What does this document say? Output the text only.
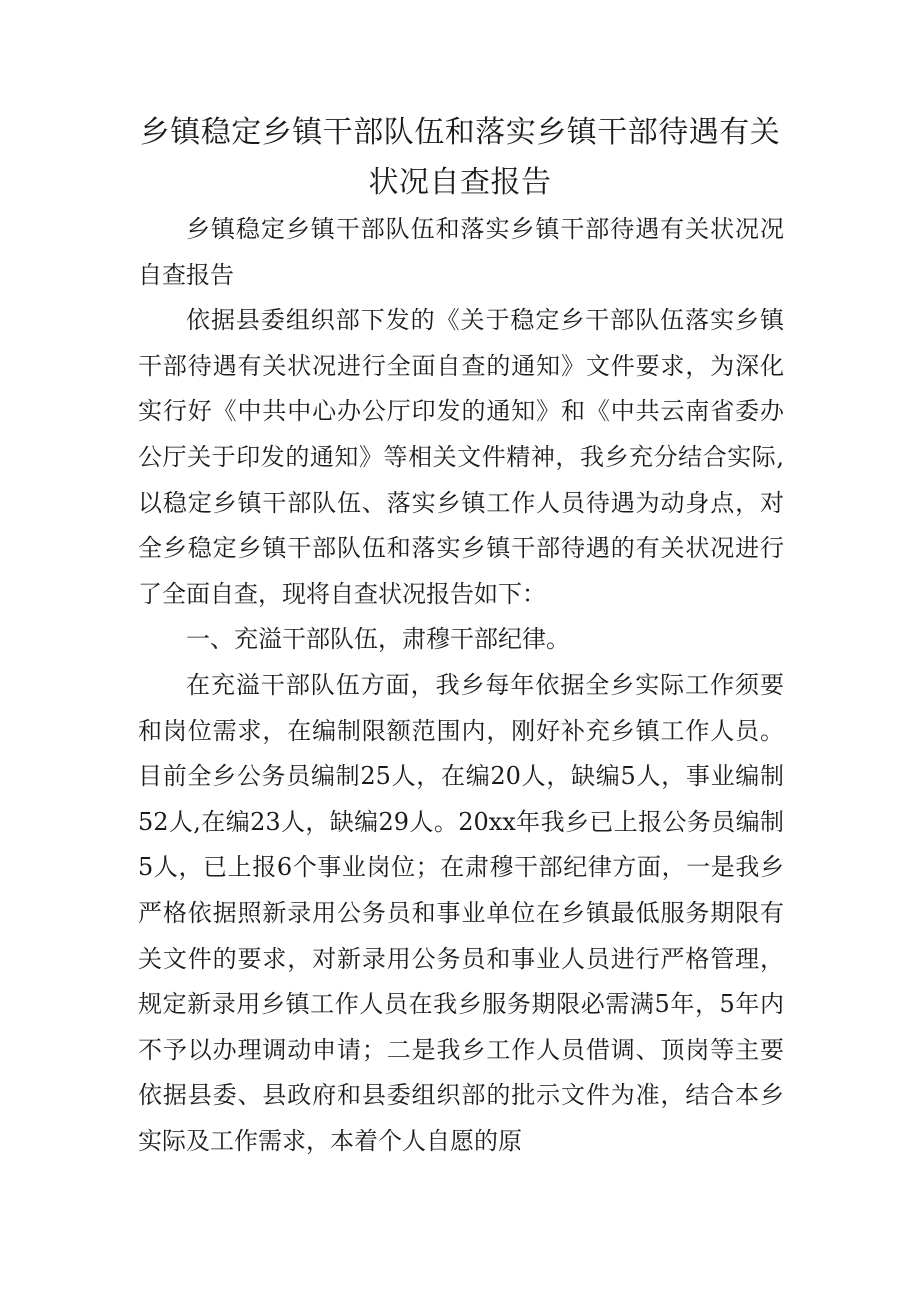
乡镇稳定乡镇干部队伍和落实乡镇干部待遇有关状况自查报告

乡镇稳定乡镇干部队伍和落实乡镇干部待遇有关状况况自查报告

依据县委组织部下发的《关于稳定乡干部队伍落实乡镇干部待遇有关状况进行全面自查的通知》文件要求，为深化实行好《中共中心办公厅印发的通知》和《中共云南省委办公厅关于印发的通知》等相关文件精神，我乡充分结合实际,以稳定乡镇干部队伍、落实乡镇工作人员待遇为动身点，对全乡稳定乡镇干部队伍和落实乡镇干部待遇的有关状况进行了全面自查，现将自查状况报告如下：

一、充溢干部队伍，肃穆干部纪律。

在充溢干部队伍方面，我乡每年依据全乡实际工作须要和岗位需求，在编制限额范围内，刚好补充乡镇工作人员。目前全乡公务员编制25人，在编20人，缺编5人，事业编制52人,在编23人，缺编29人。20xx年我乡已上报公务员编制5人，已上报6个事业岗位；在肃穆干部纪律方面，一是我乡严格依据照新录用公务员和事业单位在乡镇最低服务期限有关文件的要求，对新录用公务员和事业人员进行严格管理，规定新录用乡镇工作人员在我乡服务期限必需满5年，5年内不予以办理调动申请；二是我乡工作人员借调、顶岗等主要依据县委、县政府和县委组织部的批示文件为准，结合本乡实际及工作需求，本着个人自愿的原
